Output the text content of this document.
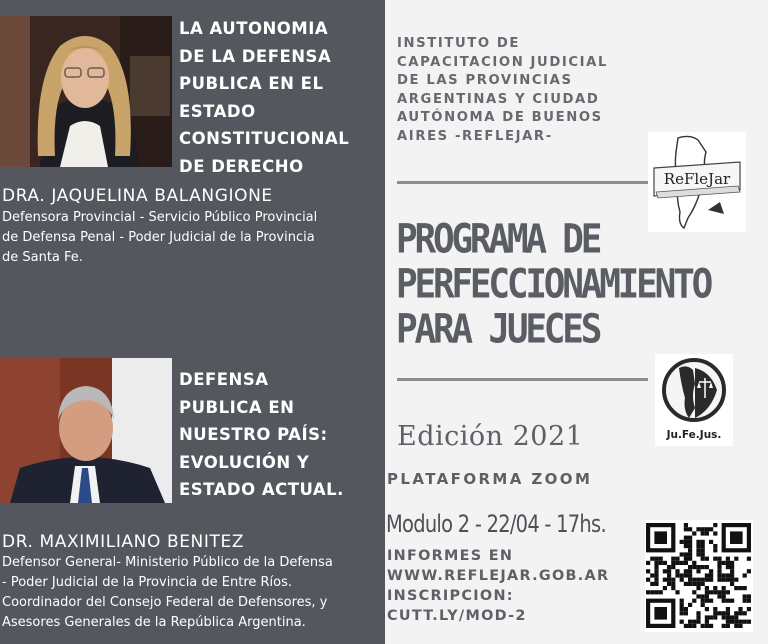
LA AUTONOMIA
DE LA DEFENSA
PUBLICA EN EL
ESTADO
CONSTITUCIONAL
DE DERECHO
DRA. JAQUELINA BALANGIONE
Defensora Provincial - Servicio Público Provincial
de Defensa Penal - Poder Judicial de la Provincia
de Santa Fe.
DEFENSA
PUBLICA EN
NUESTRO PAÍS:
EVOLUCIÓN Y
ESTADO ACTUAL.
DR. MAXIMILIANO BENITEZ
Defensor General- Ministerio Público de la Defensa
- Poder Judicial de la Provincia de Entre Ríos.
Coordinador del Consejo Federal de Defensores, y
Asesores Generales de la República Argentina.
INSTITUTO DE
CAPACITACION JUDICIAL
DE LAS PROVINCIAS
ARGENTINAS Y CIUDAD
AUTÓNOMA DE BUENOS
AIRES -REFLEJAR-
ReFleJar
PROGRAMA DE
PERFECCIONAMIENTO
PARA JUECES
Ju.Fe.Jus.
Edición 2021
PLATAFORMA ZOOM
Modulo 2 - 22/04 - 17hs.
INFORMES EN
WWW.REFLEJAR.GOB.AR
INSCRIPCION:
CUTT.LY/MOD-2
